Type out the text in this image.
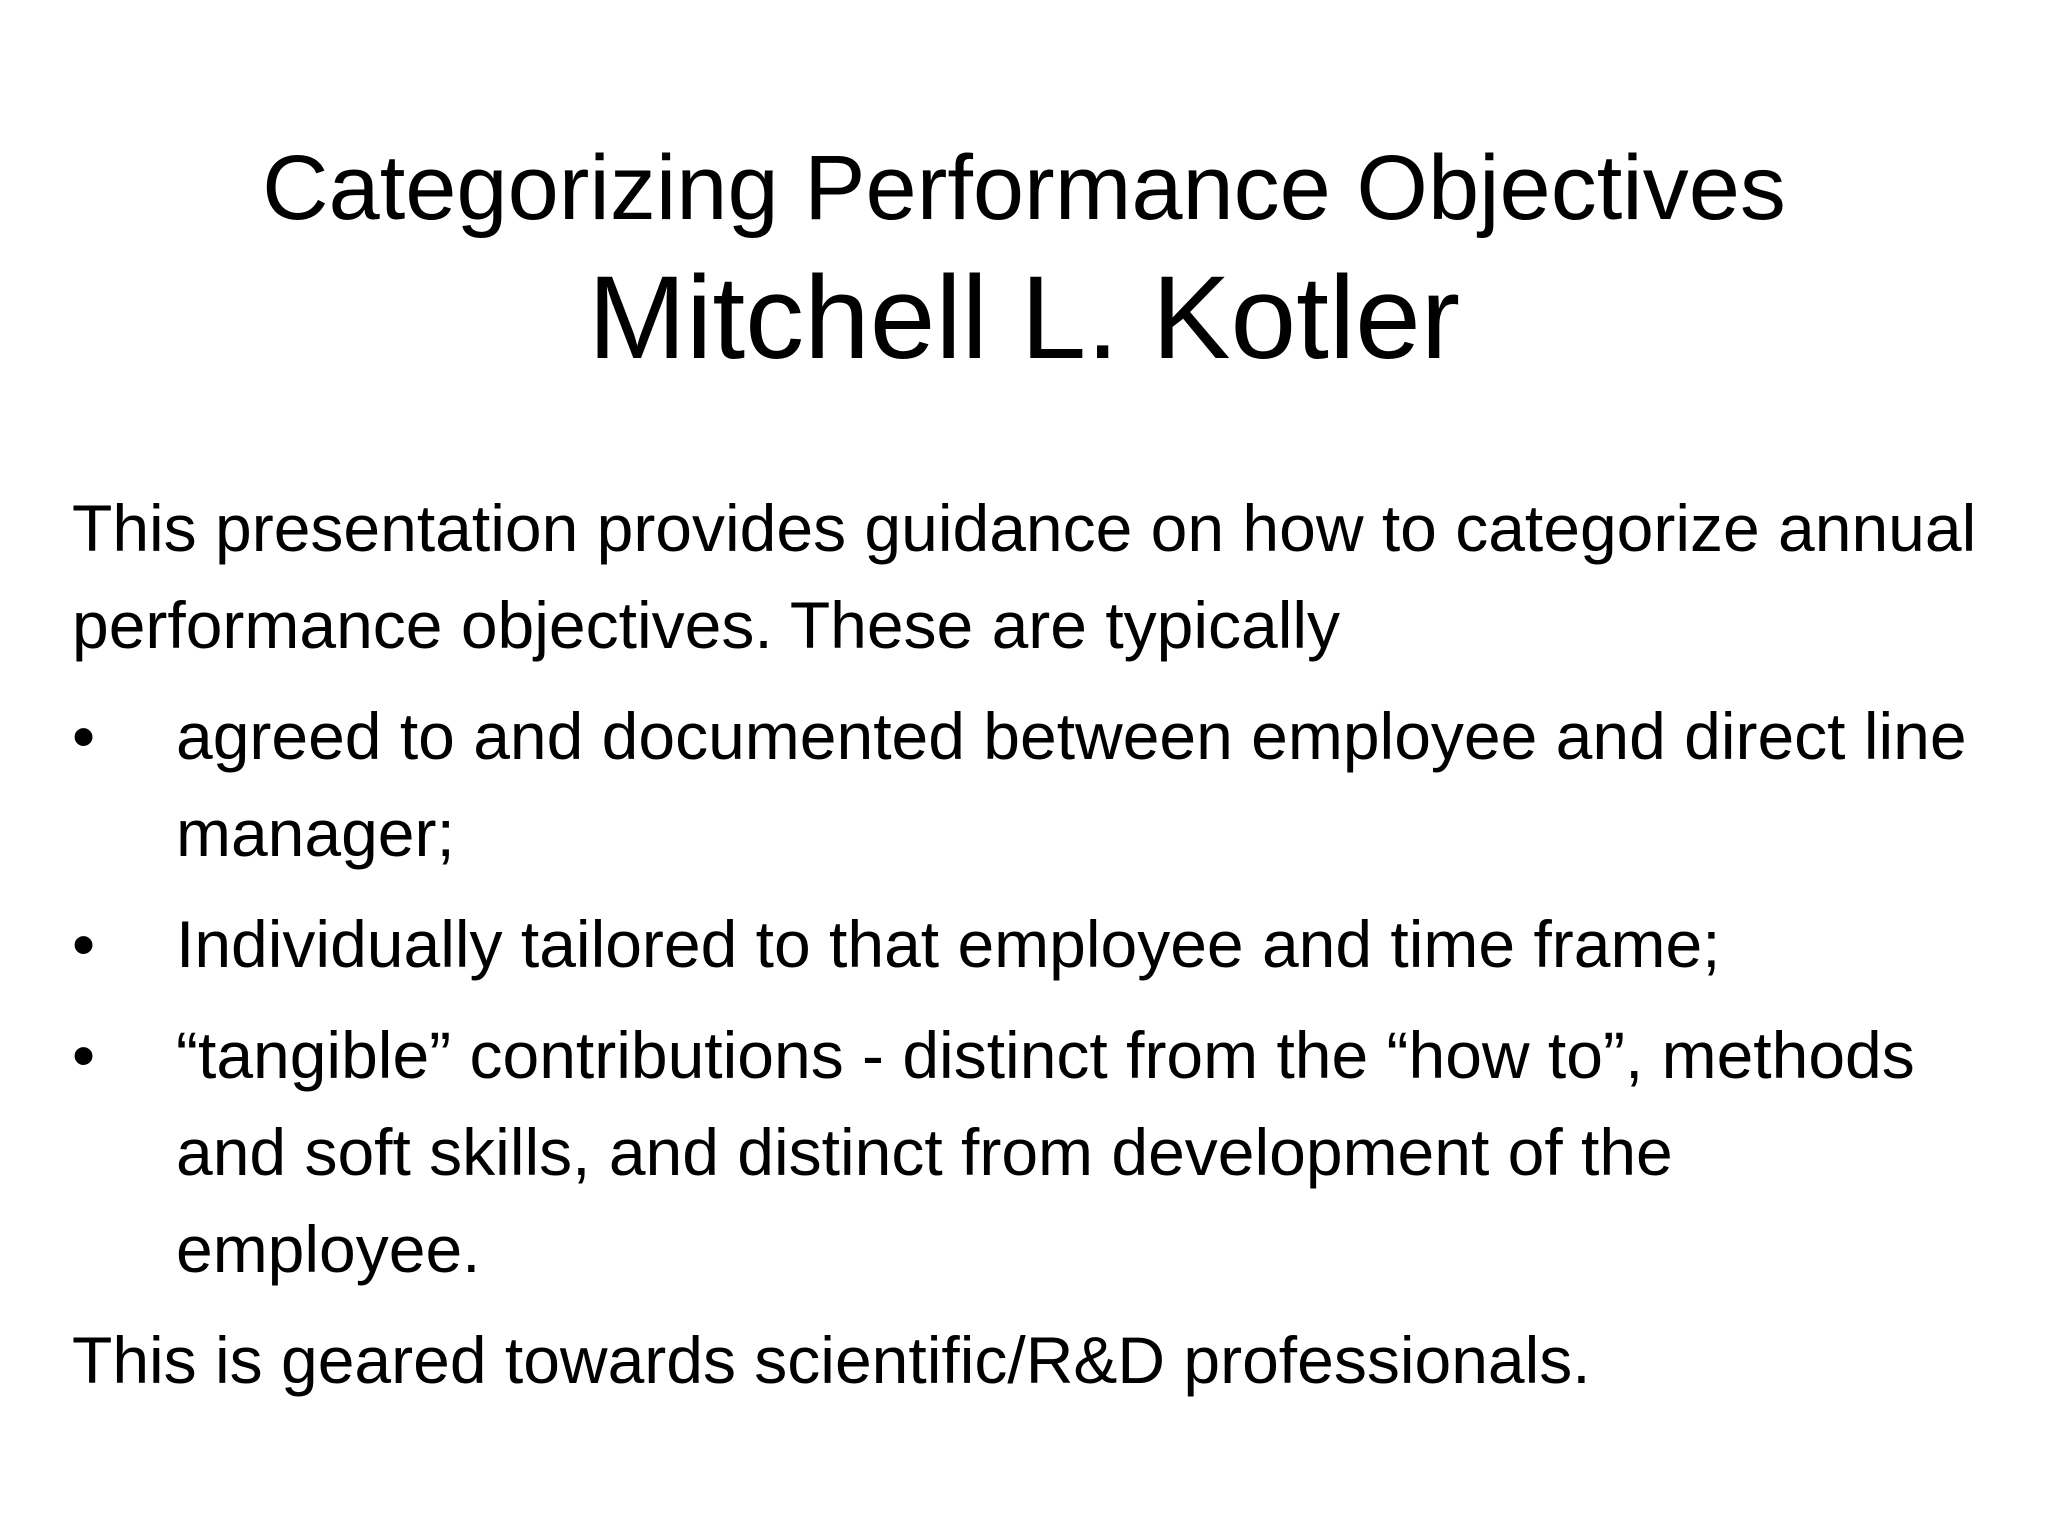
Categorizing Performance Objectives
Mitchell L. Kotler

This presentation provides guidance on how to categorize annual performance objectives. These are typically

• agreed to and documented between employee and direct line manager;
• Individually tailored to that employee and time frame;
• “tangible” contributions - distinct from the “how to”, methods and soft skills, and distinct from development of the employee.

This is geared towards scientific/R&D professionals.
